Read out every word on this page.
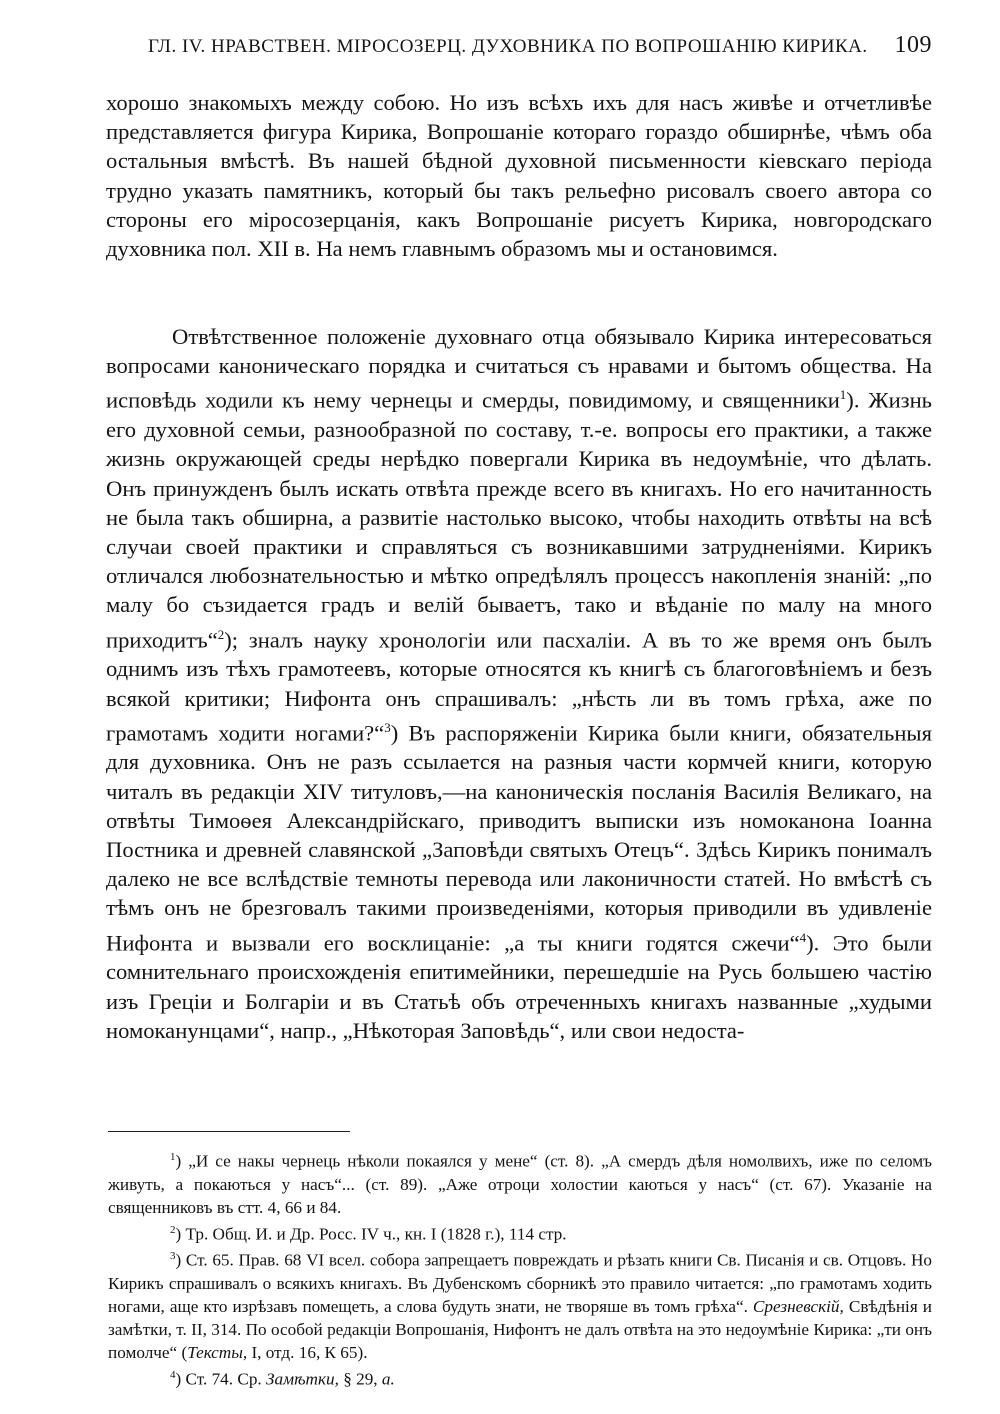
ГЛ. IV. НРАВСТВЕН. МІРОСОЗЕРЦ. ДУХОВНИКА ПО ВОПРОШАНІЮ КИРИКА. 109
хорошо знакомыхъ между собою. Но изъ всѣхъ ихъ для насъ живѣе и отчетливѣе представляется фигура Кирика, Вопрошаніе котораго гораздо обширнѣе, чѣмъ оба остальныя вмѣстѣ. Въ нашей бѣдной духовной письменности кіевскаго періода трудно указать памятникъ, который бы такъ рельефно рисовалъ своего автора со стороны его міросозерцанія, какъ Вопрошаніе рисуетъ Кирика, новгородскаго духовника пол. XII в. На немъ главнымъ образомъ мы и остановимся.
Отвѣтственное положеніе духовнаго отца обязывало Кирика интересоваться вопросами каноническаго порядка и считаться съ нравами и бытомъ общества. На исповѣдь ходили къ нему чернецы и смерды, повидимому, и священники$^1$). Жизнь его духовной семьи, разнообразной по составу, т.-е. вопросы его практики, а также жизнь окружающей среды нерѣдко повергали Кирика въ недоумѣніе, что дѣлать. Онъ принужденъ былъ искать отвѣта прежде всего въ книгахъ. Но его начитанность не была такъ обширна, а развитіе настолько высоко, чтобы находить отвѣты на всѣ случаи своей практики и справляться съ возникавшими затрудненіями. Кирикъ отличался любознательностью и мѣтко опредѣлялъ процессъ накопленія знаній: „по малу бо съзидается градъ и велій бываетъ, тако и вѣданіе по малу на много приходитъ“$^2$); зналъ науку хронологіи или пасхаліи. А въ то же время онъ былъ однимъ изъ тѣхъ грамотеевъ, которые относятся къ книгѣ съ благоговѣніемъ и безъ всякой критики; Нифонта онъ спрашивалъ: „нѣсть ли въ томъ грѣха, аже по грамотамъ ходити ногами?“$^3$) Въ распоряженіи Кирика были книги, обязательныя для духовника. Онъ не разъ ссылается на разныя части кормчей книги, которую читалъ въ редакціи XIV титуловъ,—на каноническія посланія Василія Великаго, на отвѣты Тимоѳея Александрійскаго, приводитъ выписки изъ номоканона Іоанна Постника и древней славянской „Заповѣди святыхъ Отецъ“. Здѣсь Кирикъ понималъ далеко не все вслѣдствіе темноты перевода или лаконичности статей. Но вмѣстѣ съ тѣмъ онъ не брезговалъ такими произведеніями, которыя приводили въ удивленіе Нифонта и вызвали его восклицаніе: „а ты книги годятся сжечи“$^4$). Это были сомнительнаго происхожденія епитимейники, перешедшіе на Русь большею частію изъ Греціи и Болгаріи и въ Статьѣ объ отреченныхъ книгахъ названные „худыми номоканунцами“, напр., „Нѣкоторая Заповѣдь“, или свои недоста-

$^1$) „И се накы чернець нѣколи покаялся у мене“ (ст. 8). „А смердъ дѣля номолвихъ, иже по селомъ живуть, а покаються у насъ“... (ст. 89). „Аже отроци холостии каються у насъ“ (ст. 67). Указаніе на священниковъ въ стт. 4, 66 и 84.

$^2$) Тр. Общ. И. и Др. Росс. IV ч., кн. I (1828 г.), 114 стр.

$^3$) Ст. 65. Прав. 68 VI всел. собора запрещаетъ повреждать и рѣзать книги Св. Писанія и св. Отцовъ. Но Кирикъ спрашивалъ о всякихъ книгахъ. Въ Дубенскомъ сборникѣ это правило читается: „по грамотамъ ходить ногами, аще кто изрѣзавъ помещеть, а слова будуть знати, не творяше въ томъ грѣха“. Срезневскій, Свѣдѣнія и замѣтки, т. II, 314. По особой редакціи Вопрошанія, Нифонтъ не далъ отвѣта на это недоумѣніе Кирика: „ти онъ помолче“ (Тексты, I, отд. 16, К 65).

$^4$) Ст. 74. Ср. Замѣтки, § 29, а.
